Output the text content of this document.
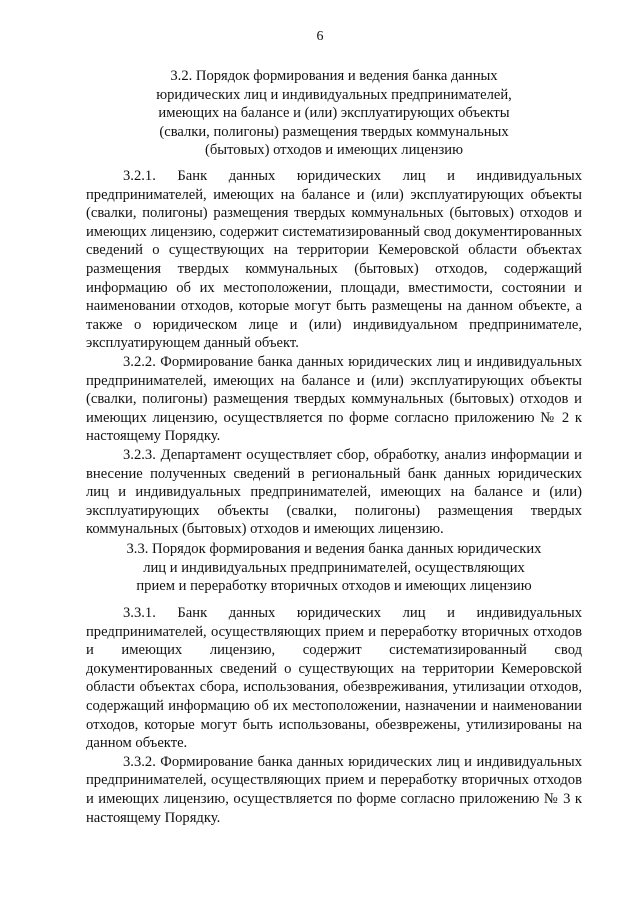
6
3.2. Порядок формирования и ведения банка данных
юридических лиц и индивидуальных предпринимателей,
имеющих на балансе и (или) эксплуатирующих объекты
(свалки, полигоны) размещения твердых коммунальных
(бытовых) отходов и имеющих лицензию

3.2.1. Банк данных юридических лиц и индивидуальных предпринимателей, имеющих на балансе и (или) эксплуатирующих объекты (свалки, полигоны) размещения твердых коммунальных (бытовых) отходов и имеющих лицензию, содержит систематизированный свод документированных сведений о существующих на территории Кемеровской области объектах размещения твердых коммунальных (бытовых) отходов, содержащий информацию об их местоположении, площади, вместимости, состоянии и наименовании отходов, которые могут быть размещены на данном объекте, а также о юридическом лице и (или) индивидуальном предпринимателе, эксплуатирующем данный объект.

3.2.2. Формирование банка данных юридических лиц и индивидуальных предпринимателей, имеющих на балансе и (или) эксплуатирующих объекты (свалки, полигоны) размещения твердых коммунальных (бытовых) отходов и имеющих лицензию, осуществляется по форме согласно приложению № 2 к настоящему Порядку.

3.2.3. Департамент осуществляет сбор, обработку, анализ информации и внесение полученных сведений в региональный банк данных юридических лиц и индивидуальных предпринимателей, имеющих на балансе и (или) эксплуатирующих объекты (свалки, полигоны) размещения твердых коммунальных (бытовых) отходов и имеющих лицензию.

3.3. Порядок формирования и ведения банка данных юридических
лиц и индивидуальных предпринимателей, осуществляющих
прием и переработку вторичных отходов и имеющих лицензию

3.3.1. Банк данных юридических лиц и индивидуальных предпринимателей, осуществляющих прием и переработку вторичных отходов и имеющих лицензию, содержит систематизированный свод документированных сведений о существующих на территории Кемеровской области объектах сбора, использования, обезвреживания, утилизации отходов, содержащий информацию об их местоположении, назначении и наименовании отходов, которые могут быть использованы, обезврежены, утилизированы на данном объекте.

3.3.2. Формирование банка данных юридических лиц и индивидуальных предпринимателей, осуществляющих прием и переработку вторичных отходов и имеющих лицензию, осуществляется по форме согласно приложению № 3 к настоящему Порядку.
